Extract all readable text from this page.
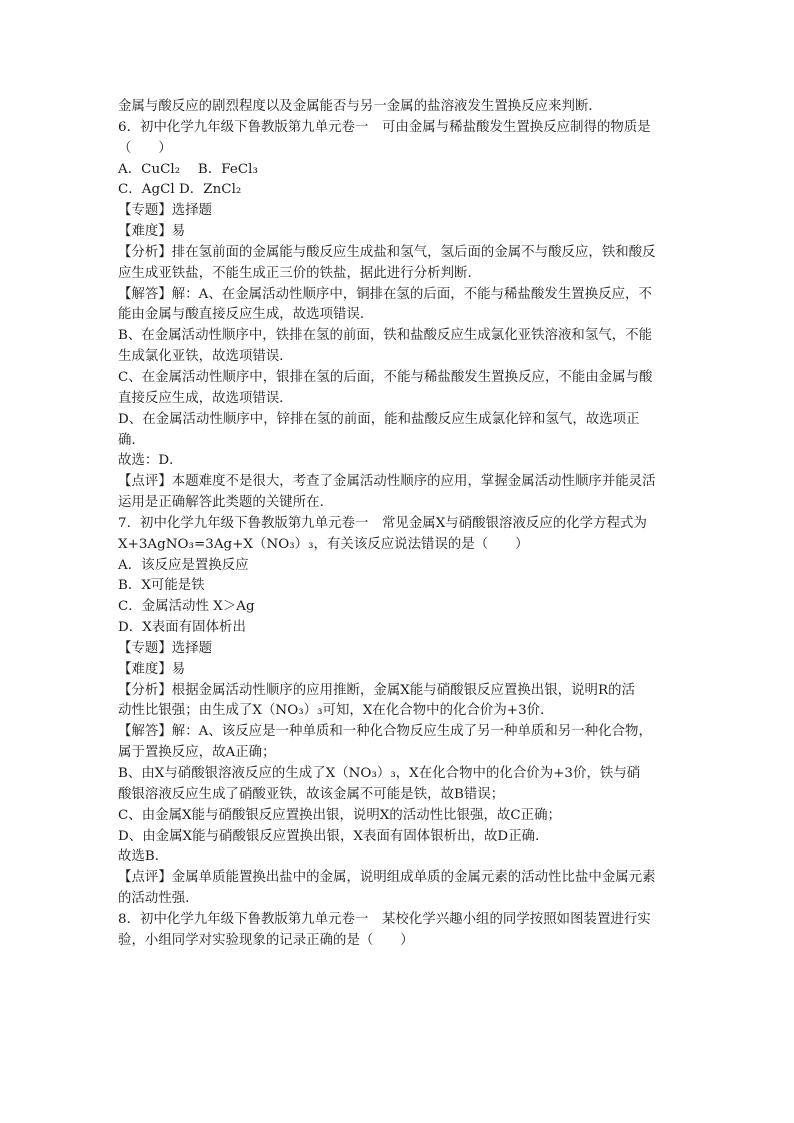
金属与酸反应的剧烈程度以及金属能否与另一金属的盐溶液发生置换反应来判断．
6．初中化学九年级下鲁教版第九单元卷一　可由金属与稀盐酸发生置换反应制得的物质是
（　　）
A．CuCl₂　 B．FeCl₃
C．AgCl D．ZnCl₂
【专题】选择题
【难度】易
【分析】排在氢前面的金属能与酸反应生成盐和氢气，氢后面的金属不与酸反应，铁和酸反
应生成亚铁盐，不能生成正三价的铁盐，据此进行分析判断．
【解答】解：A、在金属活动性顺序中，铜排在氢的后面，不能与稀盐酸发生置换反应，不
能由金属与酸直接反应生成，故选项错误．
B、在金属活动性顺序中，铁排在氢的前面，铁和盐酸反应生成氯化亚铁溶液和氢气，不能
生成氯化亚铁，故选项错误．
C、在金属活动性顺序中，银排在氢的后面，不能与稀盐酸发生置换反应，不能由金属与酸
直接反应生成，故选项错误．
D、在金属活动性顺序中，锌排在氢的前面，能和盐酸反应生成氯化锌和氢气，故选项正
确．
故选：D．
【点评】本题难度不是很大，考查了金属活动性顺序的应用，掌握金属活动性顺序并能灵活
运用是正确解答此类题的关键所在．
7．初中化学九年级下鲁教版第九单元卷一　常见金属X与硝酸银溶液反应的化学方程式为
X+3AgNO₃=3Ag+X（NO₃）₃，有关该反应说法错误的是（　　）
A．该反应是置换反应
B．X可能是铁
C．金属活动性 X＞Ag
D．X表面有固体析出
【专题】选择题
【难度】易
【分析】根据金属活动性顺序的应用推断，金属X能与硝酸银反应置换出银，说明R的活
动性比银强；由生成了X（NO₃）₃可知，X在化合物中的化合价为+3价．
【解答】解：A、该反应是一种单质和一种化合物反应生成了另一种单质和另一种化合物，
属于置换反应，故A正确；
B、由X与硝酸银溶液反应的生成了X（NO₃）₃，X在化合物中的化合价为+3价，铁与硝
酸银溶液反应生成了硝酸亚铁，故该金属不可能是铁，故B错误；
C、由金属X能与硝酸银反应置换出银，说明X的活动性比银强，故C正确；
D、由金属X能与硝酸银反应置换出银，X表面有固体银析出，故D正确．
故选B．
【点评】金属单质能置换出盐中的金属，说明组成单质的金属元素的活动性比盐中金属元素
的活动性强．
8．初中化学九年级下鲁教版第九单元卷一　某校化学兴趣小组的同学按照如图装置进行实
验，小组同学对实验现象的记录正确的是（　　）
